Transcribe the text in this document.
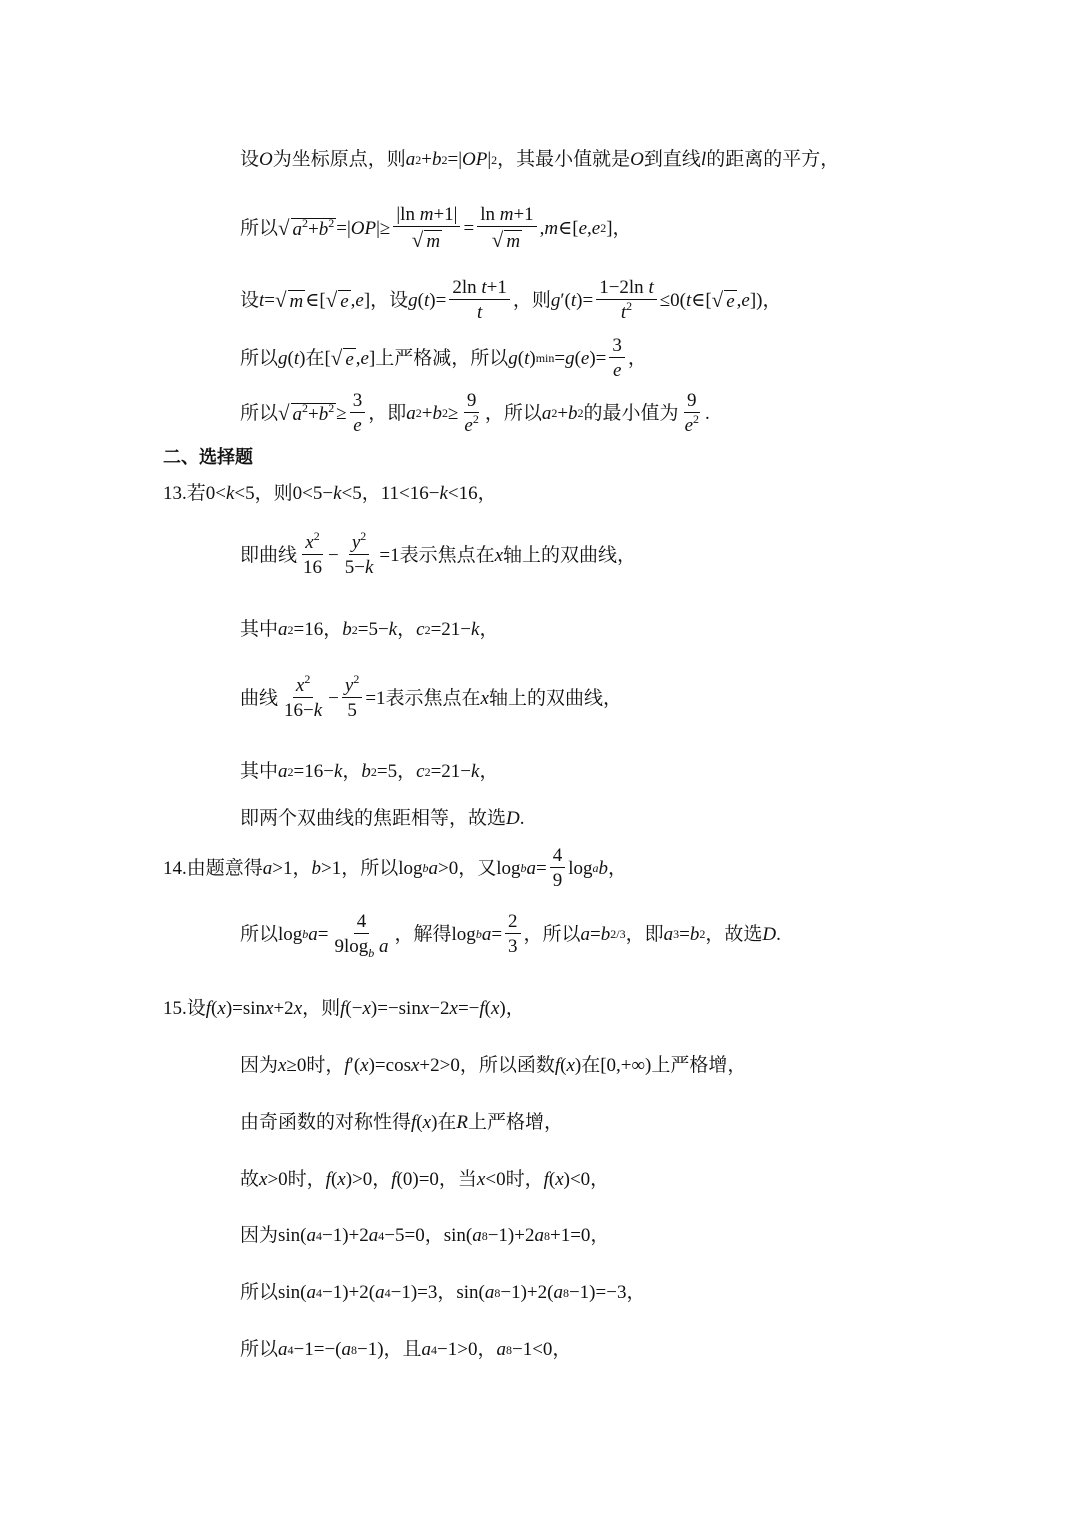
设 O 为坐标原点，则 a 2 + b 2 =| OP | 2 ，其最小值就是 O 到直线 l 的距离的平方，
所以 √ $a^2+b^2$ =| OP |≥ $\frac{\text{|ln m+1|}}{√ m} = \frac{\text{ln m+1}}{√ m}$ , m ∈[ e , e 2 ]，
设 t = √ m ∈[ √ e , e ]，设 g ( t )= $\frac{\text{2ln t+1}}{t}$ ，则 g ′( t )= $\frac{\text{1−2ln t}}{t^2} \le 0$( t ∈[ √ e , e ])，
所以 g ( t )在[ √ e , e ]上严格减，所以 g ( t ) min = g ( e )= $\frac{3}{e}$ ，
所以 √ $a^2+b^2 \ge \frac{3}{e}$ ，即 a 2 + b $2 \ge \frac{9}{e^2}$ ，所以 a 2 + b 2 的最小值为 $\frac{9}{e^2}$ .
二、选择题
13.若0< k <5，则0<5− k <5，11<16− k <16，
即曲线 $\frac{x^2}{16} - \frac{y^2}{5-k} =1$表示焦点在 x 轴上的双曲线，
其中 a 2 =16， b 2 =5− k ， c 2 =21− k ，
曲线 $\frac{x^2}{16-k} - \frac{y^2}{5} =1$表示焦点在 x 轴上的双曲线，
其中 a 2 =16− k ， b 2 =5， c 2 =21− k ，
即两个双曲线的焦距相等，故选 D .
14.由题意得 a >1， b >1，所以log b a >0，又log b $a = \frac{4}{9}$ log a b ，
所以log b $a = \frac{4}{9\log_b a}$ ，解得log b $a = \frac{2}{3}$ ，所以 a = b 2/3 ，即 a 3 = b 2 ，故选 D .
15.设 f ( x )=sin x +2 x ，则 f (− x )=−sin x −2 x =− f ( x )，
因为 x ≥0时， f ′( x )=cos x +2>0，所以函数 f ( x )在[0,+∞)上严格增，
由奇函数的对称性得 f ( x )在 R 上严格增，
故 x >0时， f ( x )>0， f (0)=0，当 x <0时， f ( x )<0，
因为sin( a 4 −1)+2 a 4 −5=0，sin( a 8 −1)+2 a 8 +1=0，
所以sin( a 4 −1)+2( a 4 −1)=3，sin( a 8 −1)+2( a 8 −1)=−3，
所以 a 4 −1=−( a 8 −1)，且 a 4 −1>0， a 8 −1<0，
